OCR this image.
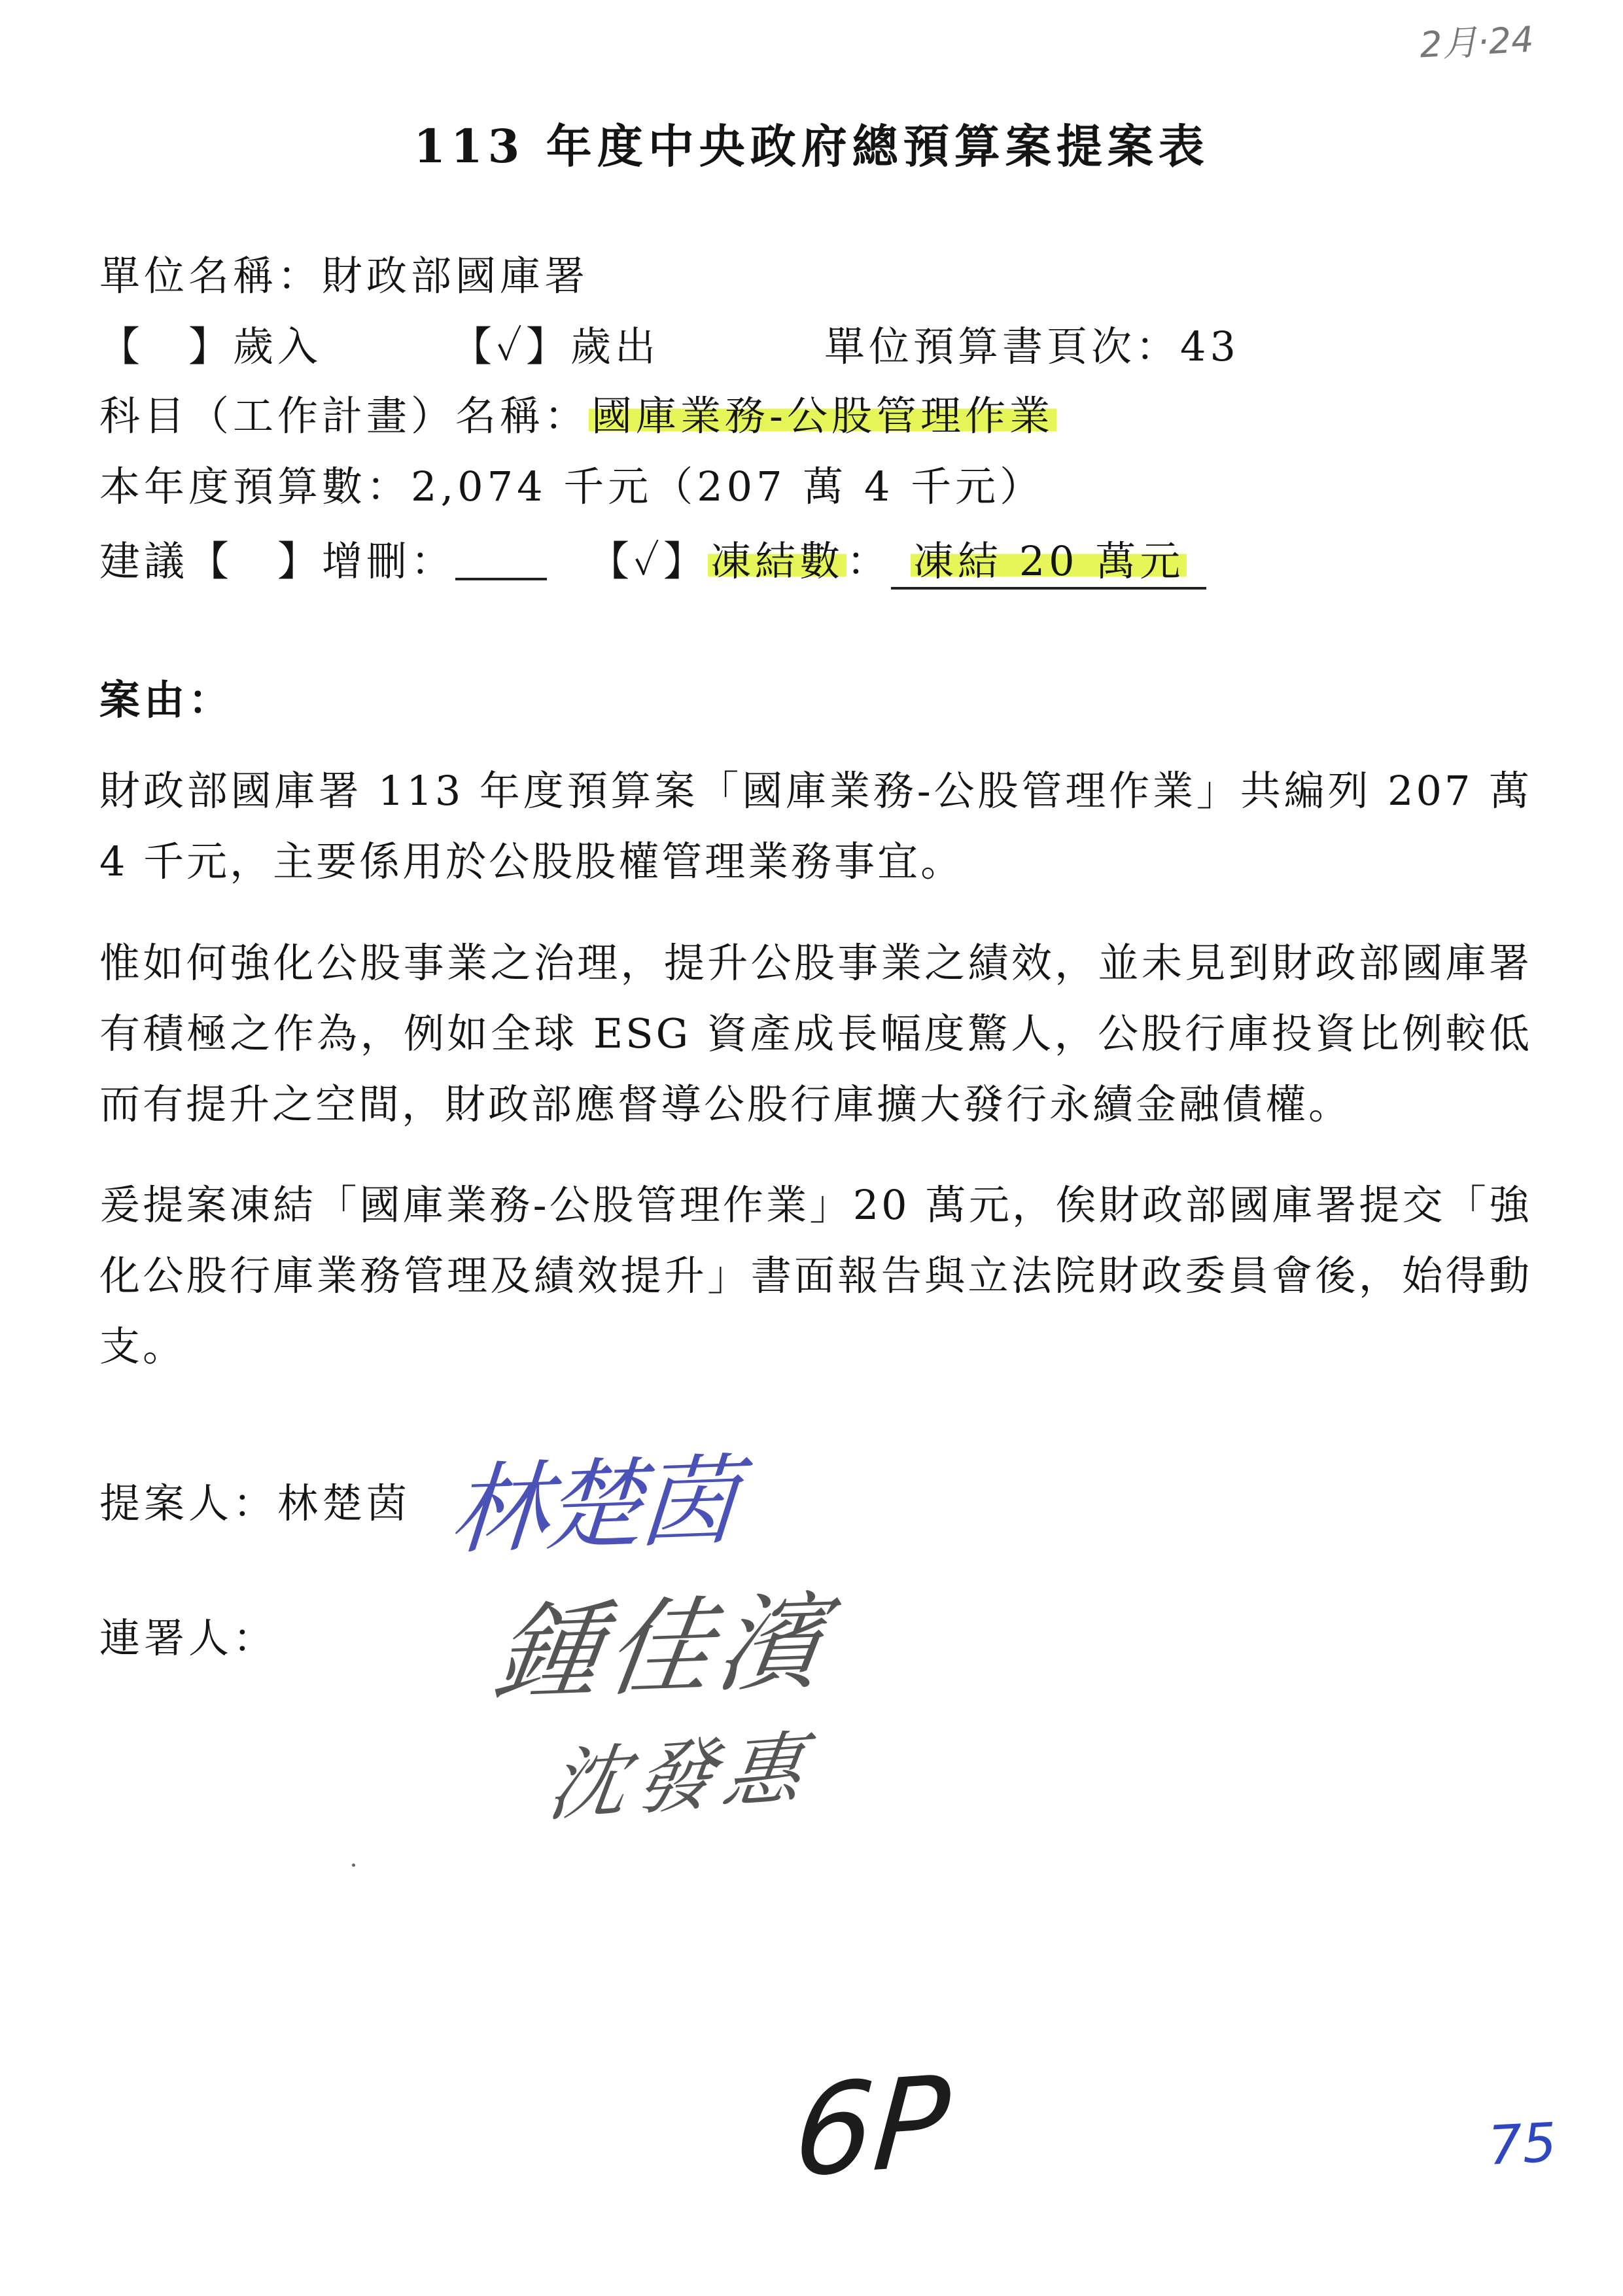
2月·24
113 年度中央政府總預算案提案表
單位名稱：財政部國庫署
【　】歲入	【✓】歲出	單位預算書頁次：43
科目（工作計畫）名稱：國庫業務-公股管理作業
本年度預算數：2,074 千元（207 萬 4 千元）
建議【　】增刪：	【✓】凍結數： 凍結 20 萬元
案由：

財政部國庫署 113 年度預算案「國庫業務-公股管理作業」共編列 207 萬 4 千元，主要係用於公股股權管理業務事宜。

惟如何強化公股事業之治理，提升公股事業之績效，並未見到財政部國庫署有積極之作為，例如全球 ESG 資產成長幅度驚人，公股行庫投資比例較低而有提升之空間，財政部應督導公股行庫擴大發行永續金融債權。

爰提案凍結「國庫業務-公股管理作業」20 萬元，俟財政部國庫署提交「強化公股行庫業務管理及績效提升」書面報告與立法院財政委員會後，始得動支。

提案人：林楚茵 林楚茵
連署人： 鍾佳濱
沈發惠
6P	75
